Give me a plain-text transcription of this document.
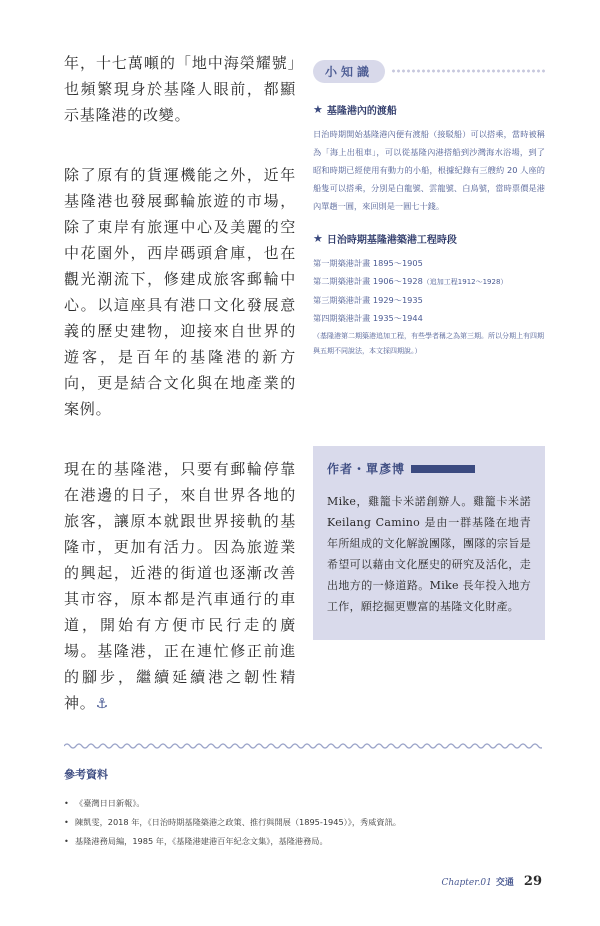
年，十七萬噸的「地中海榮耀號」也頻繁現身於基隆人眼前，都顯示基隆港的改變。

除了原有的貨運機能之外，近年基隆港也發展郵輪旅遊的市場，除了東岸有旅運中心及美麗的空中花園外，西岸碼頭倉庫，也在觀光潮流下，修建成旅客郵輪中心。以這座具有港口文化發展意義的歷史建物，迎接來自世界的遊客，是百年的基隆港的新方向，更是結合文化與在地產業的案例。

現在的基隆港，只要有郵輪停靠在港邊的日子，來自世界各地的旅客，讓原本就跟世界接軌的基隆市，更加有活力。因為旅遊業的興起，近港的街道也逐漸改善其市容，原本都是汽車通行的車道，開始有方便市民行走的廣場。基隆港，正在連忙修正前進的腳步，繼續延續港之韌性精神。⚓

小知識
★ 基隆港內的渡船

日治時期開始基隆港內便有渡船（接駁船）可以搭乘，當時被稱為「海上出租車」，可以從基隆內港搭船到沙灣海水浴場，到了昭和時期已經使用有動力的小船，根據紀錄有三艘約 20 人座的船隻可以搭乘，分別是白龍號、雲龍號、白鳥號，當時票價是港內單趟一圓，來回則是一圓七十錢。

★ 日治時期基隆港築港工程時段
第一期築港計畫 1895～1905
第二期築港計畫 1906～1928（追加工程1912～1928）
第三期築港計畫 1929～1935
第四期築港計畫 1935～1944
（基隆港第二期築港追加工程，有些學者稱之為第三期。所以分期上有四期與五期不同說法，本文採四期說。）
作者・單彥博

Mike，雞籠卡米諾創辦人。雞籠卡米諾 Keilang Camino 是由一群基隆在地青年所組成的文化解說團隊，團隊的宗旨是希望可以藉由文化歷史的研究及活化，走出地方的一條道路。Mike 長年投入地方工作，願挖掘更豐富的基隆文化財產。

參考資料
• 《臺灣日日新報》。
• 陳凱雯，2018 年，《日治時期基隆築港之政策、推行與開展（1895-1945）》，秀威資訊。
• 基隆港務局編，1985 年，《基隆港建港百年紀念文集》，基隆港務局。
Chapter.01 交通 29
